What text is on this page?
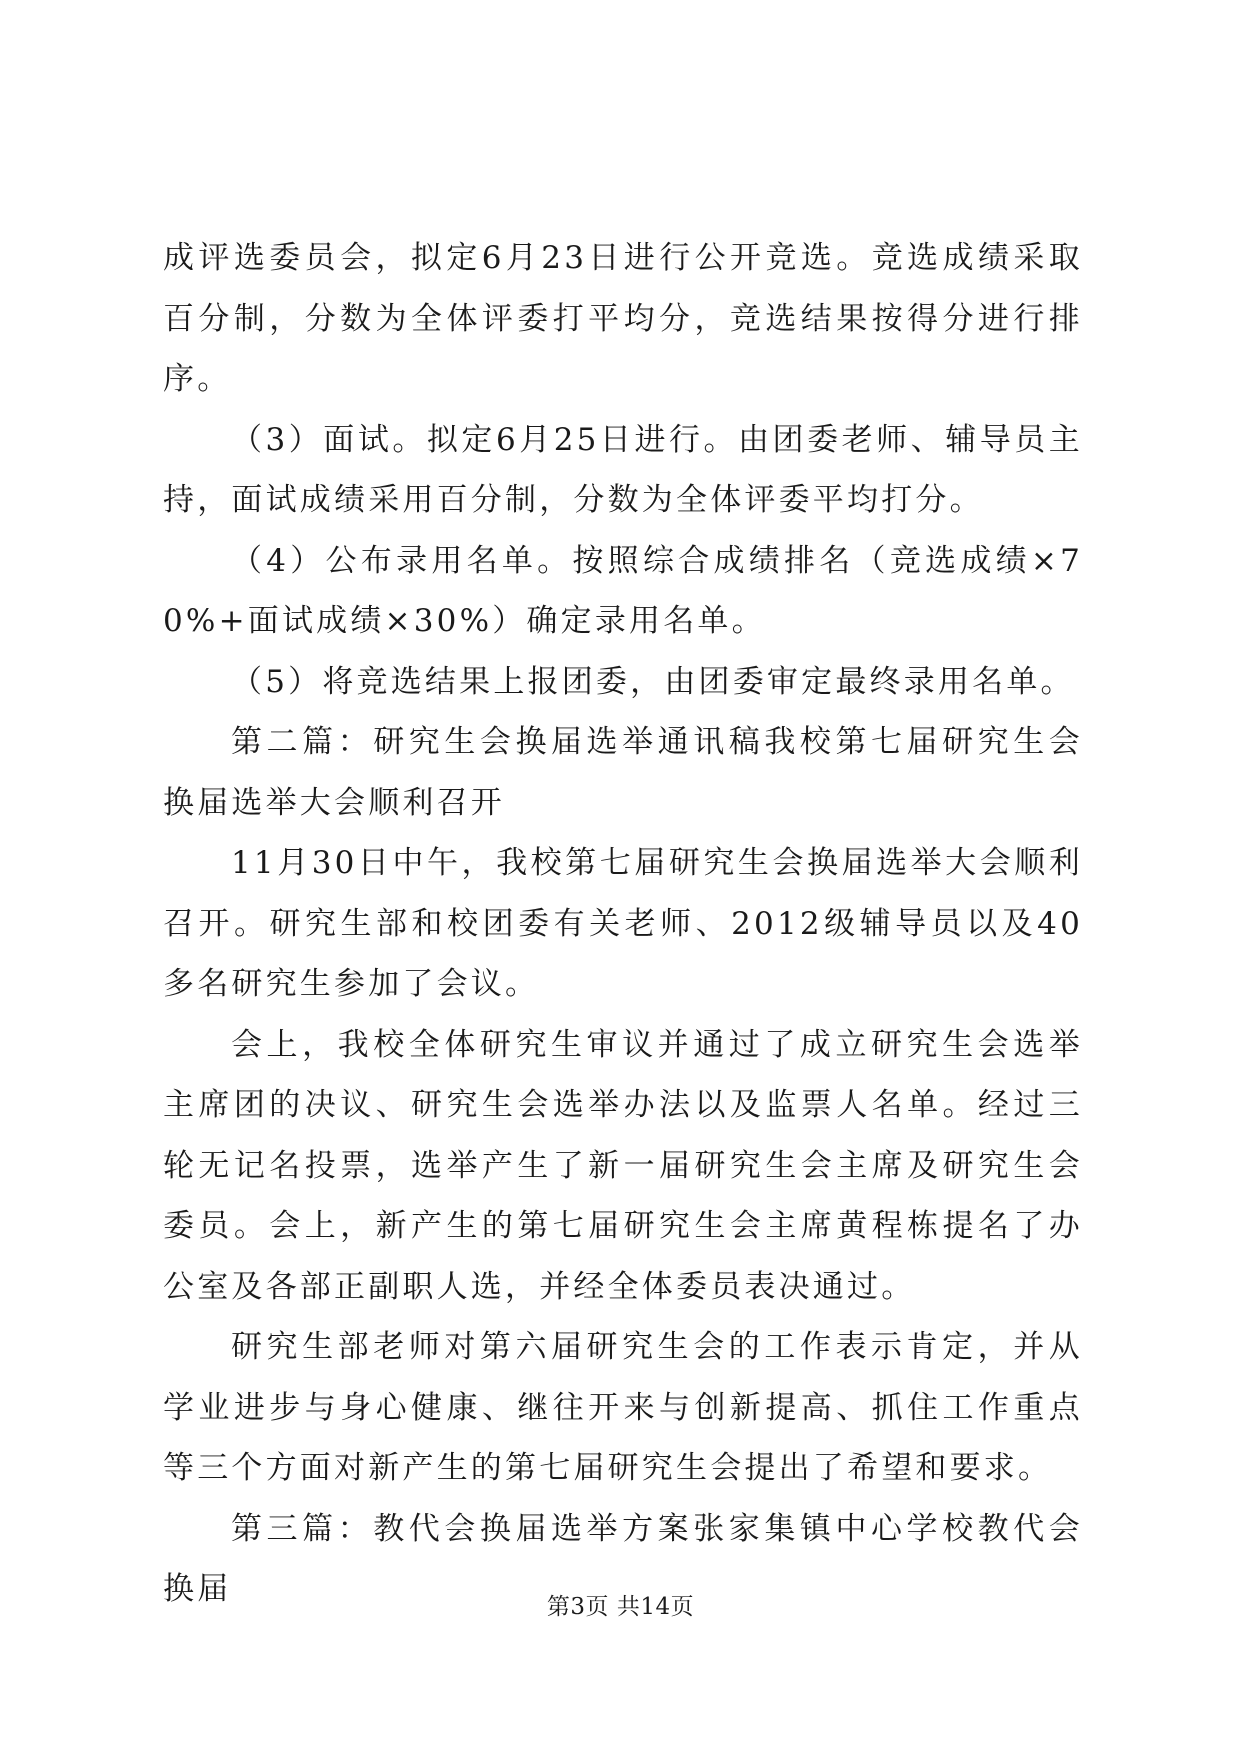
成评选委员会，拟定6月23日进行公开竞选。竞选成绩采取百分制，分数为全体评委打平均分，竞选结果按得分进行排序。

（3）面试。拟定6月25日进行。由团委老师、辅导员主持，面试成绩采用百分制，分数为全体评委平均打分。

（4）公布录用名单。按照综合成绩排名（竞选成绩×70%+面试成绩×30%）确定录用名单。

（5）将竞选结果上报团委，由团委审定最终录用名单。

第二篇：研究生会换届选举通讯稿我校第七届研究生会换届选举大会顺利召开

11月30日中午，我校第七届研究生会换届选举大会顺利召开。研究生部和校团委有关老师、2012级辅导员以及40多名研究生参加了会议。

会上，我校全体研究生审议并通过了成立研究生会选举主席团的决议、研究生会选举办法以及监票人名单。经过三轮无记名投票，选举产生了新一届研究生会主席及研究生会委员。会上，新产生的第七届研究生会主席黄程栋提名了办公室及各部正副职人选，并经全体委员表决通过。

研究生部老师对第六届研究生会的工作表示肯定，并从学业进步与身心健康、继往开来与创新提高、抓住工作重点等三个方面对新产生的第七届研究生会提出了希望和要求。

第三篇：教代会换届选举方案张家集镇中心学校教代会换届	第3页 共14页
